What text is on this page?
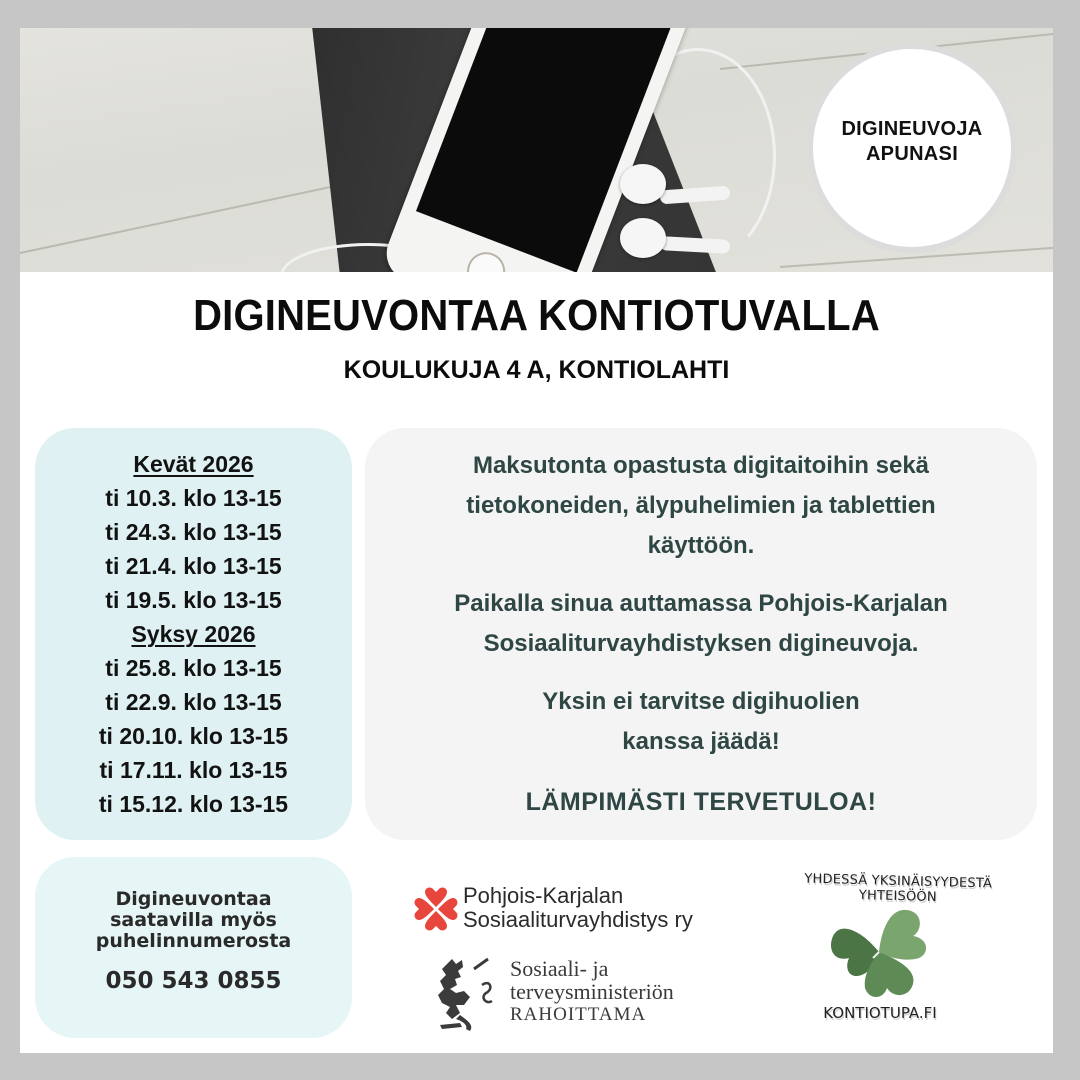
DIGINEUVOJA
APUNASI
DIGINEUVONTAA KONTIOTUVALLA
KOULUKUJA 4 A, KONTIOLAHTI
Kevät 2026
ti 10.3. klo 13-15
ti 24.3. klo 13-15
ti 21.4. klo 13-15
ti 19.5. klo 13-15
Syksy 2026
ti 25.8. klo 13-15
ti 22.9. klo 13-15
ti 20.10. klo 13-15
ti 17.11. klo 13-15
ti 15.12. klo 13-15

Maksutonta opastusta digitaitoihin sekä tietokoneiden, älypuhelimien ja tablettien käyttöön.

Paikalla sinua auttamassa Pohjois-Karjalan Sosiaaliturvayhdistyksen digineuvoja.

Yksin ei tarvitse digihuolien
kanssa jäädä!

LÄMPIMÄSTI TERVETULOA!

Digineuvontaa
saatavilla myös
puhelinnumerosta
050 543 0855
Pohjois-Karjalan
Sosiaaliturvayhdistys ry
Sosiaali- ja
terveysministeriön
RAHOITTAMA
YHDESSÄ YKSINÄISYYDESTÄ YHTEISÖÖN
KONTIOTUPA.FI
